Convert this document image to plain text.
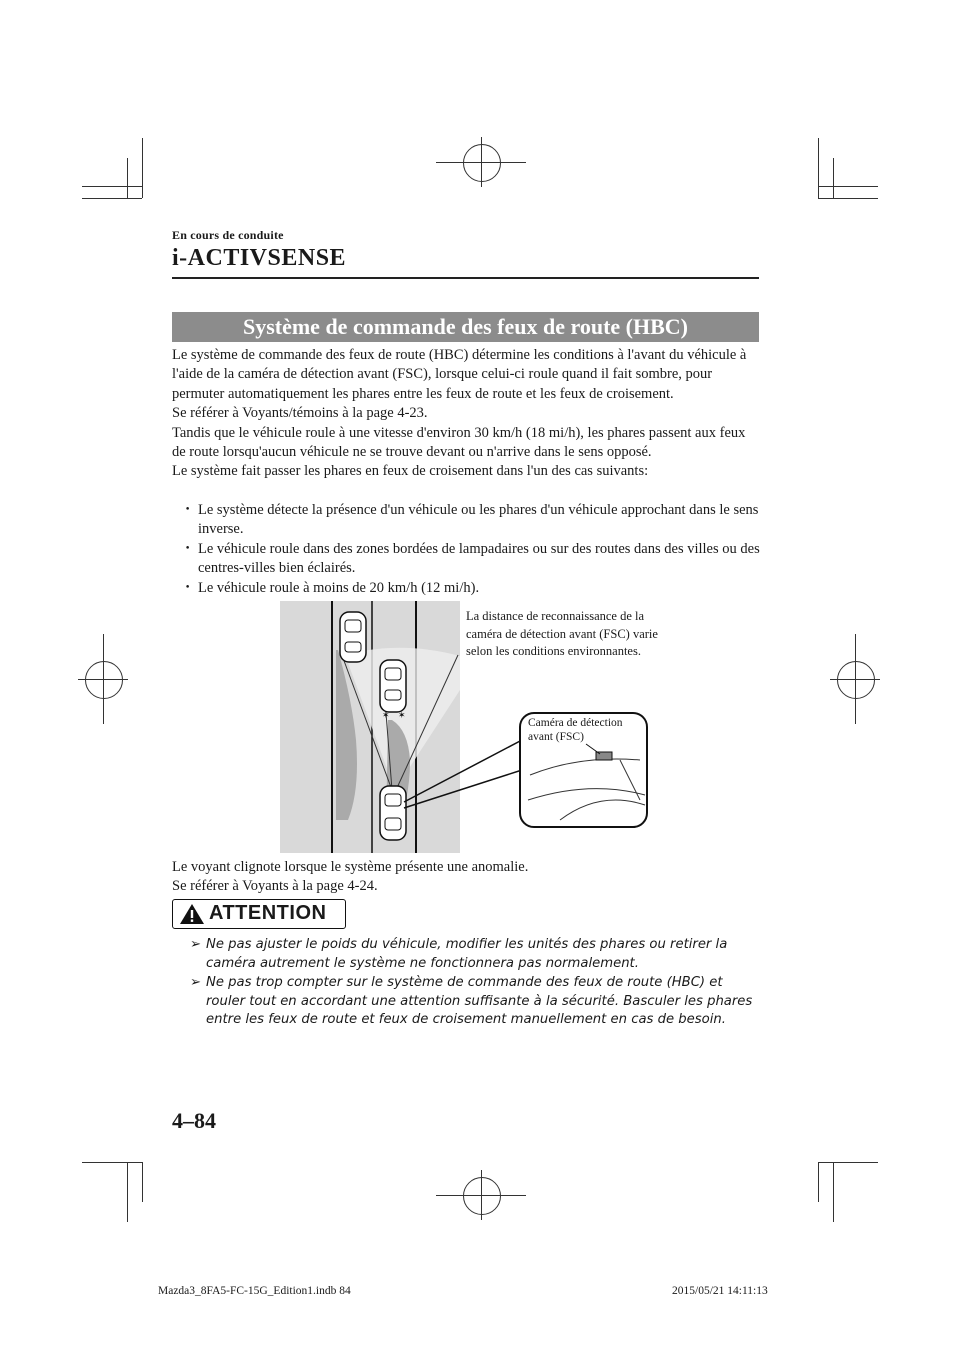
En cours de conduite
i-ACTIVSENSE
Système de commande des feux de route (HBC)

Le système de commande des feux de route (HBC) détermine les conditions à l'avant du véhicule à l'aide de la caméra de détection avant (FSC), lorsque celui-ci roule quand il fait sombre, pour permuter automatiquement les phares entre les feux de route et les feux de croisement.

Se référer à Voyants/témoins à la page 4-23.

Tandis que le véhicule roule à une vitesse d'environ 30 km/h (18 mi/h), les phares passent aux feux de route lorsqu'aucun véhicule ne se trouve devant ou n'arrive dans le sens opposé.

Le système fait passer les phares en feux de croisement dans l'un des cas suivants:

･ Le système détecte la présence d'un véhicule ou les phares d'un véhicule approchant dans le sens inverse.
･ Le véhicule roule dans des zones bordées de lampadaires ou sur des routes dans des villes ou des centres-villes bien éclairés.
･ Le véhicule roule à moins de 20 km/h (12 mi/h).
✶ ✶
La distance de reconnaissance de la caméra de détection avant (FSC) varie selon les conditions environnantes.
Caméra de détection avant (FSC)

Le voyant clignote lorsque le système présente une anomalie.

Se référer à Voyants à la page 4-24.

ATTENTION
➢ Ne pas ajuster le poids du véhicule, modifier les unités des phares ou retirer la caméra autrement le système ne fonctionnera pas normalement.
➢ Ne pas trop compter sur le système de commande des feux de route (HBC) et rouler tout en accordant une attention suffisante à la sécurité. Basculer les phares entre les feux de route et feux de croisement manuellement en cas de besoin.
4–84
Mazda3_8FA5-FC-15G_Edition1.indb 84	2015/05/21 14:11:13
